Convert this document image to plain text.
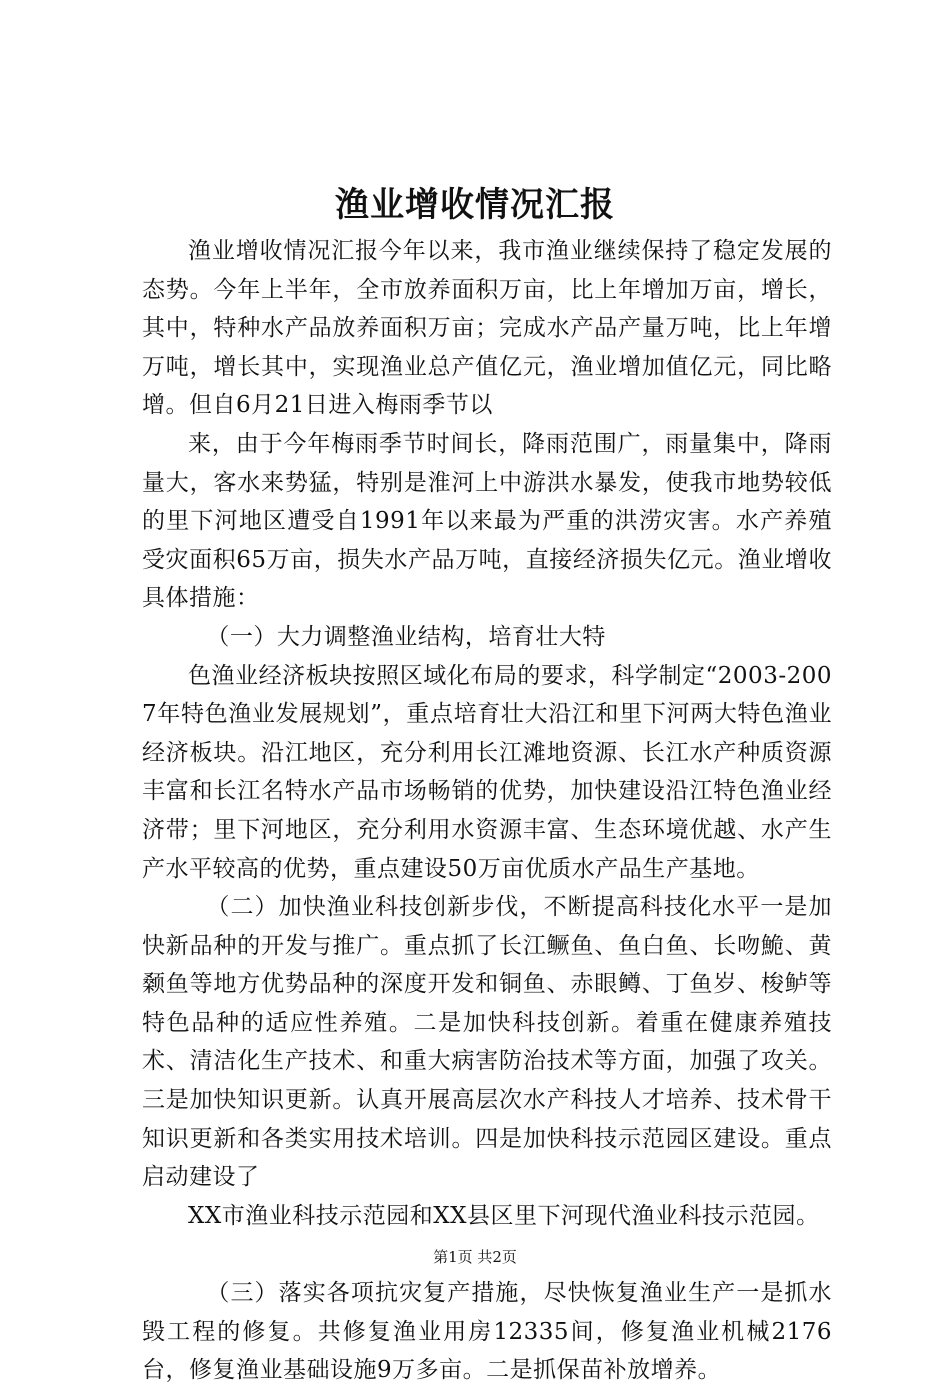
渔业增收情况汇报

渔业增收情况汇报今年以来，我市渔业继续保持了稳定发展的态势。今年上半年，全市放养面积万亩，比上年增加万亩，增长，其中，特种水产品放养面积万亩；完成水产品产量万吨，比上年增万吨，增长其中，实现渔业总产值亿元，渔业增加值亿元，同比略增。但自6月21日进入梅雨季节以

来，由于今年梅雨季节时间长，降雨范围广，雨量集中，降雨量大，客水来势猛，特别是淮河上中游洪水暴发，使我市地势较低的里下河地区遭受自1991年以来最为严重的洪涝灾害。水产养殖受灾面积65万亩，损失水产品万吨，直接经济损失亿元。渔业增收具体措施：

（一）大力调整渔业结构，培育壮大特

色渔业经济板块按照区域化布局的要求，科学制定“2003-2007年特色渔业发展规划”，重点培育壮大沿江和里下河两大特色渔业经济板块。沿江地区，充分利用长江滩地资源、长江水产种质资源丰富和长江名特水产品市场畅销的优势，加快建设沿江特色渔业经济带；里下河地区，充分利用水资源丰富、生态环境优越、水产生产水平较高的优势，重点建设50万亩优质水产品生产基地。

（二）加快渔业科技创新步伐，不断提高科技化水平一是加快新品种的开发与推广。重点抓了长江鳜鱼、鱼白鱼、长吻鮠、黄颡鱼等地方优势品种的深度开发和铜鱼、赤眼鳟、丁鱼岁、梭鲈等特色品种的适应性养殖。二是加快科技创新。着重在健康养殖技术、清洁化生产技术、和重大病害防治技术等方面，加强了攻关。三是加快知识更新。认真开展高层次水产科技人才培养、技术骨干知识更新和各类实用技术培训。四是加快科技示范园区建设。重点启动建设了

XX市渔业科技示范园和XX县区里下河现代渔业科技示范园。

（三）落实各项抗灾复产措施，尽快恢复渔业生产一是抓水毁工程的修复。共修复渔业用房12335间，修复渔业机械2176台，修复渔业基础设施9万多亩。二是抓保苗补放增养。

第1页 共2页
